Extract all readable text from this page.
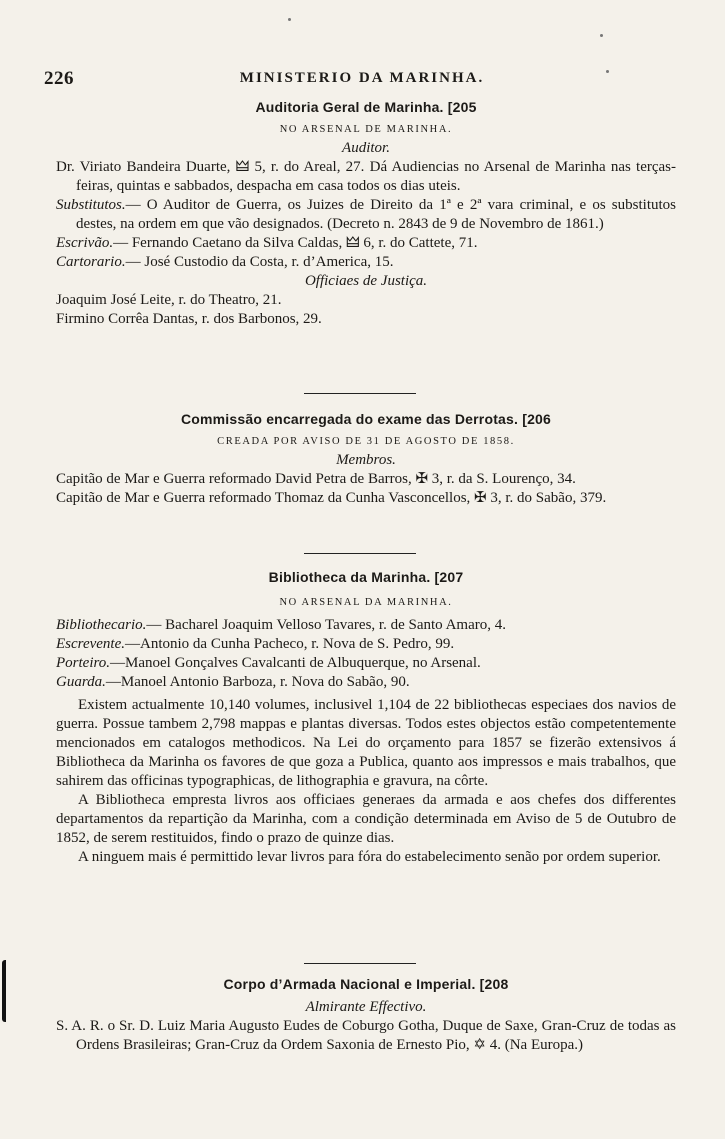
226	MINISTERIO DA MARINHA.
Auditoria Geral de Marinha. [205
NO ARSENAL DE MARINHA.
Auditor.
Dr. Viriato Bandeira Duarte, 🜲 5, r. do Areal, 27. Dá Audiencias no Arsenal de Marinha nas terças-feiras, quintas e sabbados, despacha em casa todos os dias uteis.
Substitutos.— O Auditor de Guerra, os Juizes de Direito da 1ª e 2ª vara criminal, e os substitutos destes, na ordem em que vão designados. (Decreto n. 2843 de 9 de Novembro de 1861.)
Escrivão.— Fernando Caetano da Silva Caldas, 🜲 6, r. do Cattete, 71.
Cartorario.— José Custodio da Costa, r. d’America, 15.
Officiaes de Justiça.
Joaquim José Leite, r. do Theatro, 21.
Firmino Corrêa Dantas, r. dos Barbonos, 29.
Commissão encarregada do exame das Derrotas. [206
CREADA POR AVISO DE 31 DE AGOSTO DE 1858.
Membros.
Capitão de Mar e Guerra reformado David Petra de Barros, ✠ 3, r. da S. Lourenço, 34.
Capitão de Mar e Guerra reformado Thomaz da Cunha Vasconcellos, ✠ 3, r. do Sabão, 379.
Bibliotheca da Marinha. [207
NO ARSENAL DA MARINHA.
Bibliothecario.— Bacharel Joaquim Velloso Tavares, r. de Santo Amaro, 4.
Escrevente.—Antonio da Cunha Pacheco, r. Nova de S. Pedro, 99.
Porteiro.—Manoel Gonçalves Cavalcanti de Albuquerque, no Arsenal.
Guarda.—Manoel Antonio Barboza, r. Nova do Sabão, 90.
Existem actualmente 10,140 volumes, inclusivel 1,104 de 22 bibliothecas especiaes dos navios de guerra. Possue tambem 2,798 mappas e plantas diversas. Todos estes objectos estão competentemente mencionados em catalogos methodicos. Na Lei do orçamento para 1857 se fizerão extensivos á Bibliotheca da Marinha os favores de que goza a Publica, quanto aos impressos e mais trabalhos, que sahirem das officinas typographicas, de lithographia e gravura, na côrte.
A Bibliotheca empresta livros aos officiaes generaes da armada e aos chefes dos differentes departamentos da repartição da Marinha, com a condição determinada em Aviso de 5 de Outubro de 1852, de serem restituidos, findo o prazo de quinze dias.
A ninguem mais é permittido levar livros para fóra do estabelecimento senão por ordem superior.
Corpo d’Armada Nacional e Imperial. [208
Almirante Effectivo.
S. A. R. o Sr. D. Luiz Maria Augusto Eudes de Coburgo Gotha, Duque de Saxe, Gran-Cruz de todas as Ordens Brasileiras; Gran-Cruz da Ordem Saxonia de Ernesto Pio, ✡ 4. (Na Europa.)
